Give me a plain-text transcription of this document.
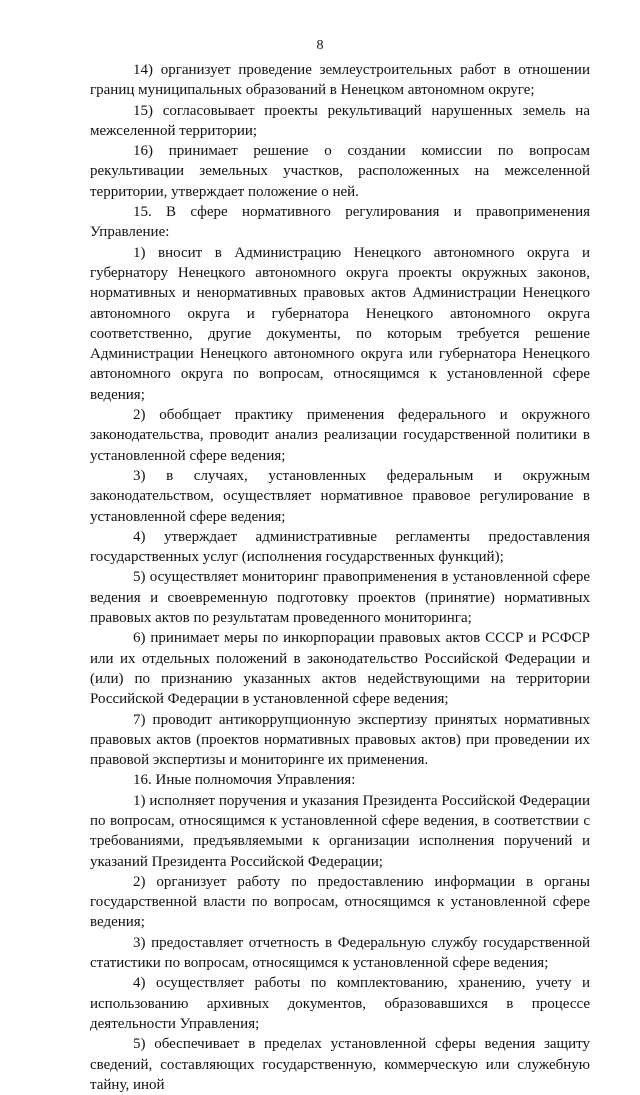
8

14) организует проведение землеустроительных работ в отношении границ муниципальных образований в Ненецком автономном округе;

15) согласовывает проекты рекультиваций нарушенных земель на межселенной территории;

16) принимает решение о создании комиссии по вопросам рекультивации земельных участков, расположенных на межселенной территории, утверждает положение о ней.

15. В сфере нормативного регулирования и правоприменения Управление:

1) вносит в Администрацию Ненецкого автономного округа и губернатору Ненецкого автономного округа проекты окружных законов, нормативных и ненормативных правовых актов Администрации Ненецкого автономного округа и губернатора Ненецкого автономного округа соответственно, другие документы, по которым требуется решение Администрации Ненецкого автономного округа или губернатора Ненецкого автономного округа по вопросам, относящимся к установленной сфере ведения;

2) обобщает практику применения федерального и окружного законодательства, проводит анализ реализации государственной политики в установленной сфере ведения;

3) в случаях, установленных федеральным и окружным законодательством, осуществляет нормативное правовое регулирование в установленной сфере ведения;

4) утверждает административные регламенты предоставления государственных услуг (исполнения государственных функций);

5) осуществляет мониторинг правоприменения в установленной сфере ведения и своевременную подготовку проектов (принятие) нормативных правовых актов по результатам проведенного мониторинга;

6) принимает меры по инкорпорации правовых актов СССР и РСФСР или их отдельных положений в законодательство Российской Федерации и (или) по признанию указанных актов недействующими на территории Российской Федерации в установленной сфере ведения;

7) проводит антикоррупционную экспертизу принятых нормативных правовых актов (проектов нормативных правовых актов) при проведении их правовой экспертизы и мониторинге их применения.

16. Иные полномочия Управления:

1) исполняет поручения и указания Президента Российской Федерации по вопросам, относящимся к установленной сфере ведения, в соответствии с требованиями, предъявляемыми к организации исполнения поручений и указаний Президента Российской Федерации;

2) организует работу по предоставлению информации в органы государственной власти по вопросам, относящимся к установленной сфере ведения;

3) предоставляет отчетность в Федеральную службу государственной статистики по вопросам, относящимся к установленной сфере ведения;

4) осуществляет работы по комплектованию, хранению, учету и использованию архивных документов, образовавшихся в процессе деятельности Управления;

5) обеспечивает в пределах установленной сферы ведения защиту сведений, составляющих государственную, коммерческую или служебную тайну, иной
